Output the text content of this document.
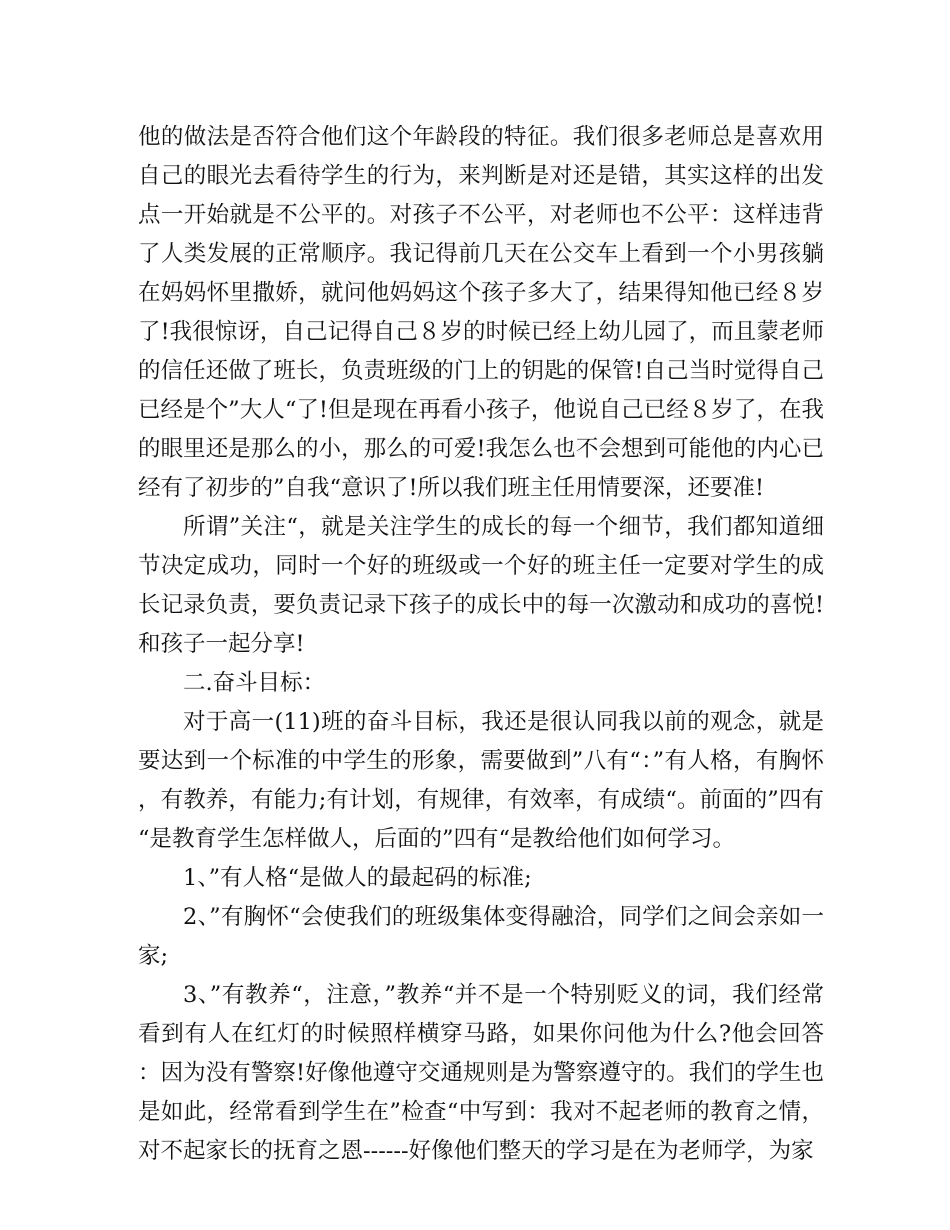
他的做法是否符合他们这个年龄段的特征。我们很多老师总是喜欢用自己的眼光去看待学生的行为，来判断是对还是错，其实这样的出发点一开始就是不公平的。对孩子不公平，对老师也不公平：这样违背了人类发展的正常顺序。我记得前几天在公交车上看到一个小男孩躺在妈妈怀里撒娇，就问他妈妈这个孩子多大了，结果得知他已经８岁了!我很惊讶，自己记得自己８岁的时候已经上幼儿园了，而且蒙老师的信任还做了班长，负责班级的门上的钥匙的保管!自己当时觉得自己已经是个”大人“了!但是现在再看小孩子，他说自己已经８岁了，在我的眼里还是那么的小，那么的可爱!我怎么也不会想到可能他的内心已经有了初步的”自我“意识了!所以我们班主任用情要深，还要准!

所谓”关注“，就是关注学生的成长的每一个细节，我们都知道细节决定成功，同时一个好的班级或一个好的班主任一定要对学生的成长记录负责，要负责记录下孩子的成长中的每一次激动和成功的喜悦!和孩子一起分享!

二.奋斗目标：

对于高一(11)班的奋斗目标，我还是很认同我以前的观念，就是要达到一个标准的中学生的形象，需要做到”八有“：”有人格，有胸怀，有教养，有能力;有计划，有规律，有效率，有成绩“。前面的”四有“是教育学生怎样做人，后面的”四有“是教给他们如何学习。

1、”有人格“是做人的最起码的标准;

2、”有胸怀“会使我们的班级集体变得融洽，同学们之间会亲如一家;

3、”有教养“，注意，”教养“并不是一个特别贬义的词，我们经常看到有人在红灯的时候照样横穿马路，如果你问他为什么?他会回答：因为没有警察!好像他遵守交通规则是为警察遵守的。我们的学生也是如此，经常看到学生在”检查“中写到：我对不起老师的教育之情，对不起家长的抚育之恩------好像他们整天的学习是在为老师学，为家
